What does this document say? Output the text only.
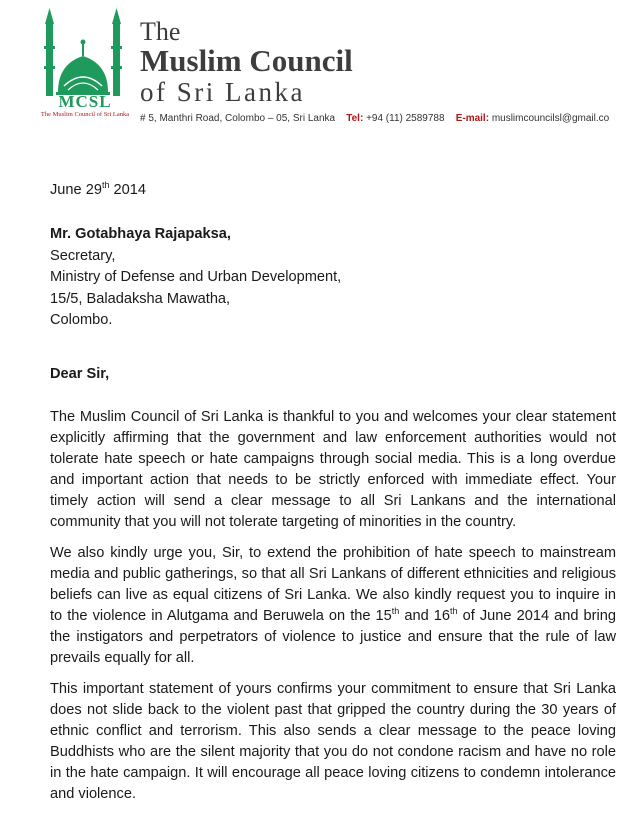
MCSL
The Muslim Council of Sri Lanka
The
Muslim Council
of Sri Lanka
# 5, Manthri Road, Colombo – 05, Sri Lanka Tel: +94 (11) 2589788 E-mail: muslimcouncilsl@gmail.co
June 29th 2014
Mr. Gotabhaya Rajapaksa,
Secretary,
Ministry of Defense and Urban Development,
15/5, Baladaksha Mawatha,
Colombo.
Dear Sir,

The Muslim Council of Sri Lanka is thankful to you and welcomes your clear statement explicitly affirming that the government and law enforcement authorities would not tolerate hate speech or hate campaigns through social media. This is a long overdue and important action that needs to be strictly enforced with immediate effect. Your timely action will send a clear message to all Sri Lankans and the international community that you will not tolerate targeting of minorities in the country.

We also kindly urge you, Sir, to extend the prohibition of hate speech to mainstream media and public gatherings, so that all Sri Lankans of different ethnicities and religious beliefs can live as equal citizens of Sri Lanka. We also kindly request you to inquire in to the violence in Alutgama and Beruwela on the 15th and 16th of June 2014 and bring the instigators and perpetrators of violence to justice and ensure that the rule of law prevails equally for all.

This important statement of yours confirms your commitment to ensure that Sri Lanka does not slide back to the violent past that gripped the country during the 30 years of ethnic conflict and terrorism. This also sends a clear message to the peace loving Buddhists who are the silent majority that you do not condone racism and have no role in the hate campaign. It will encourage all peace loving citizens to condemn intolerance and violence.
